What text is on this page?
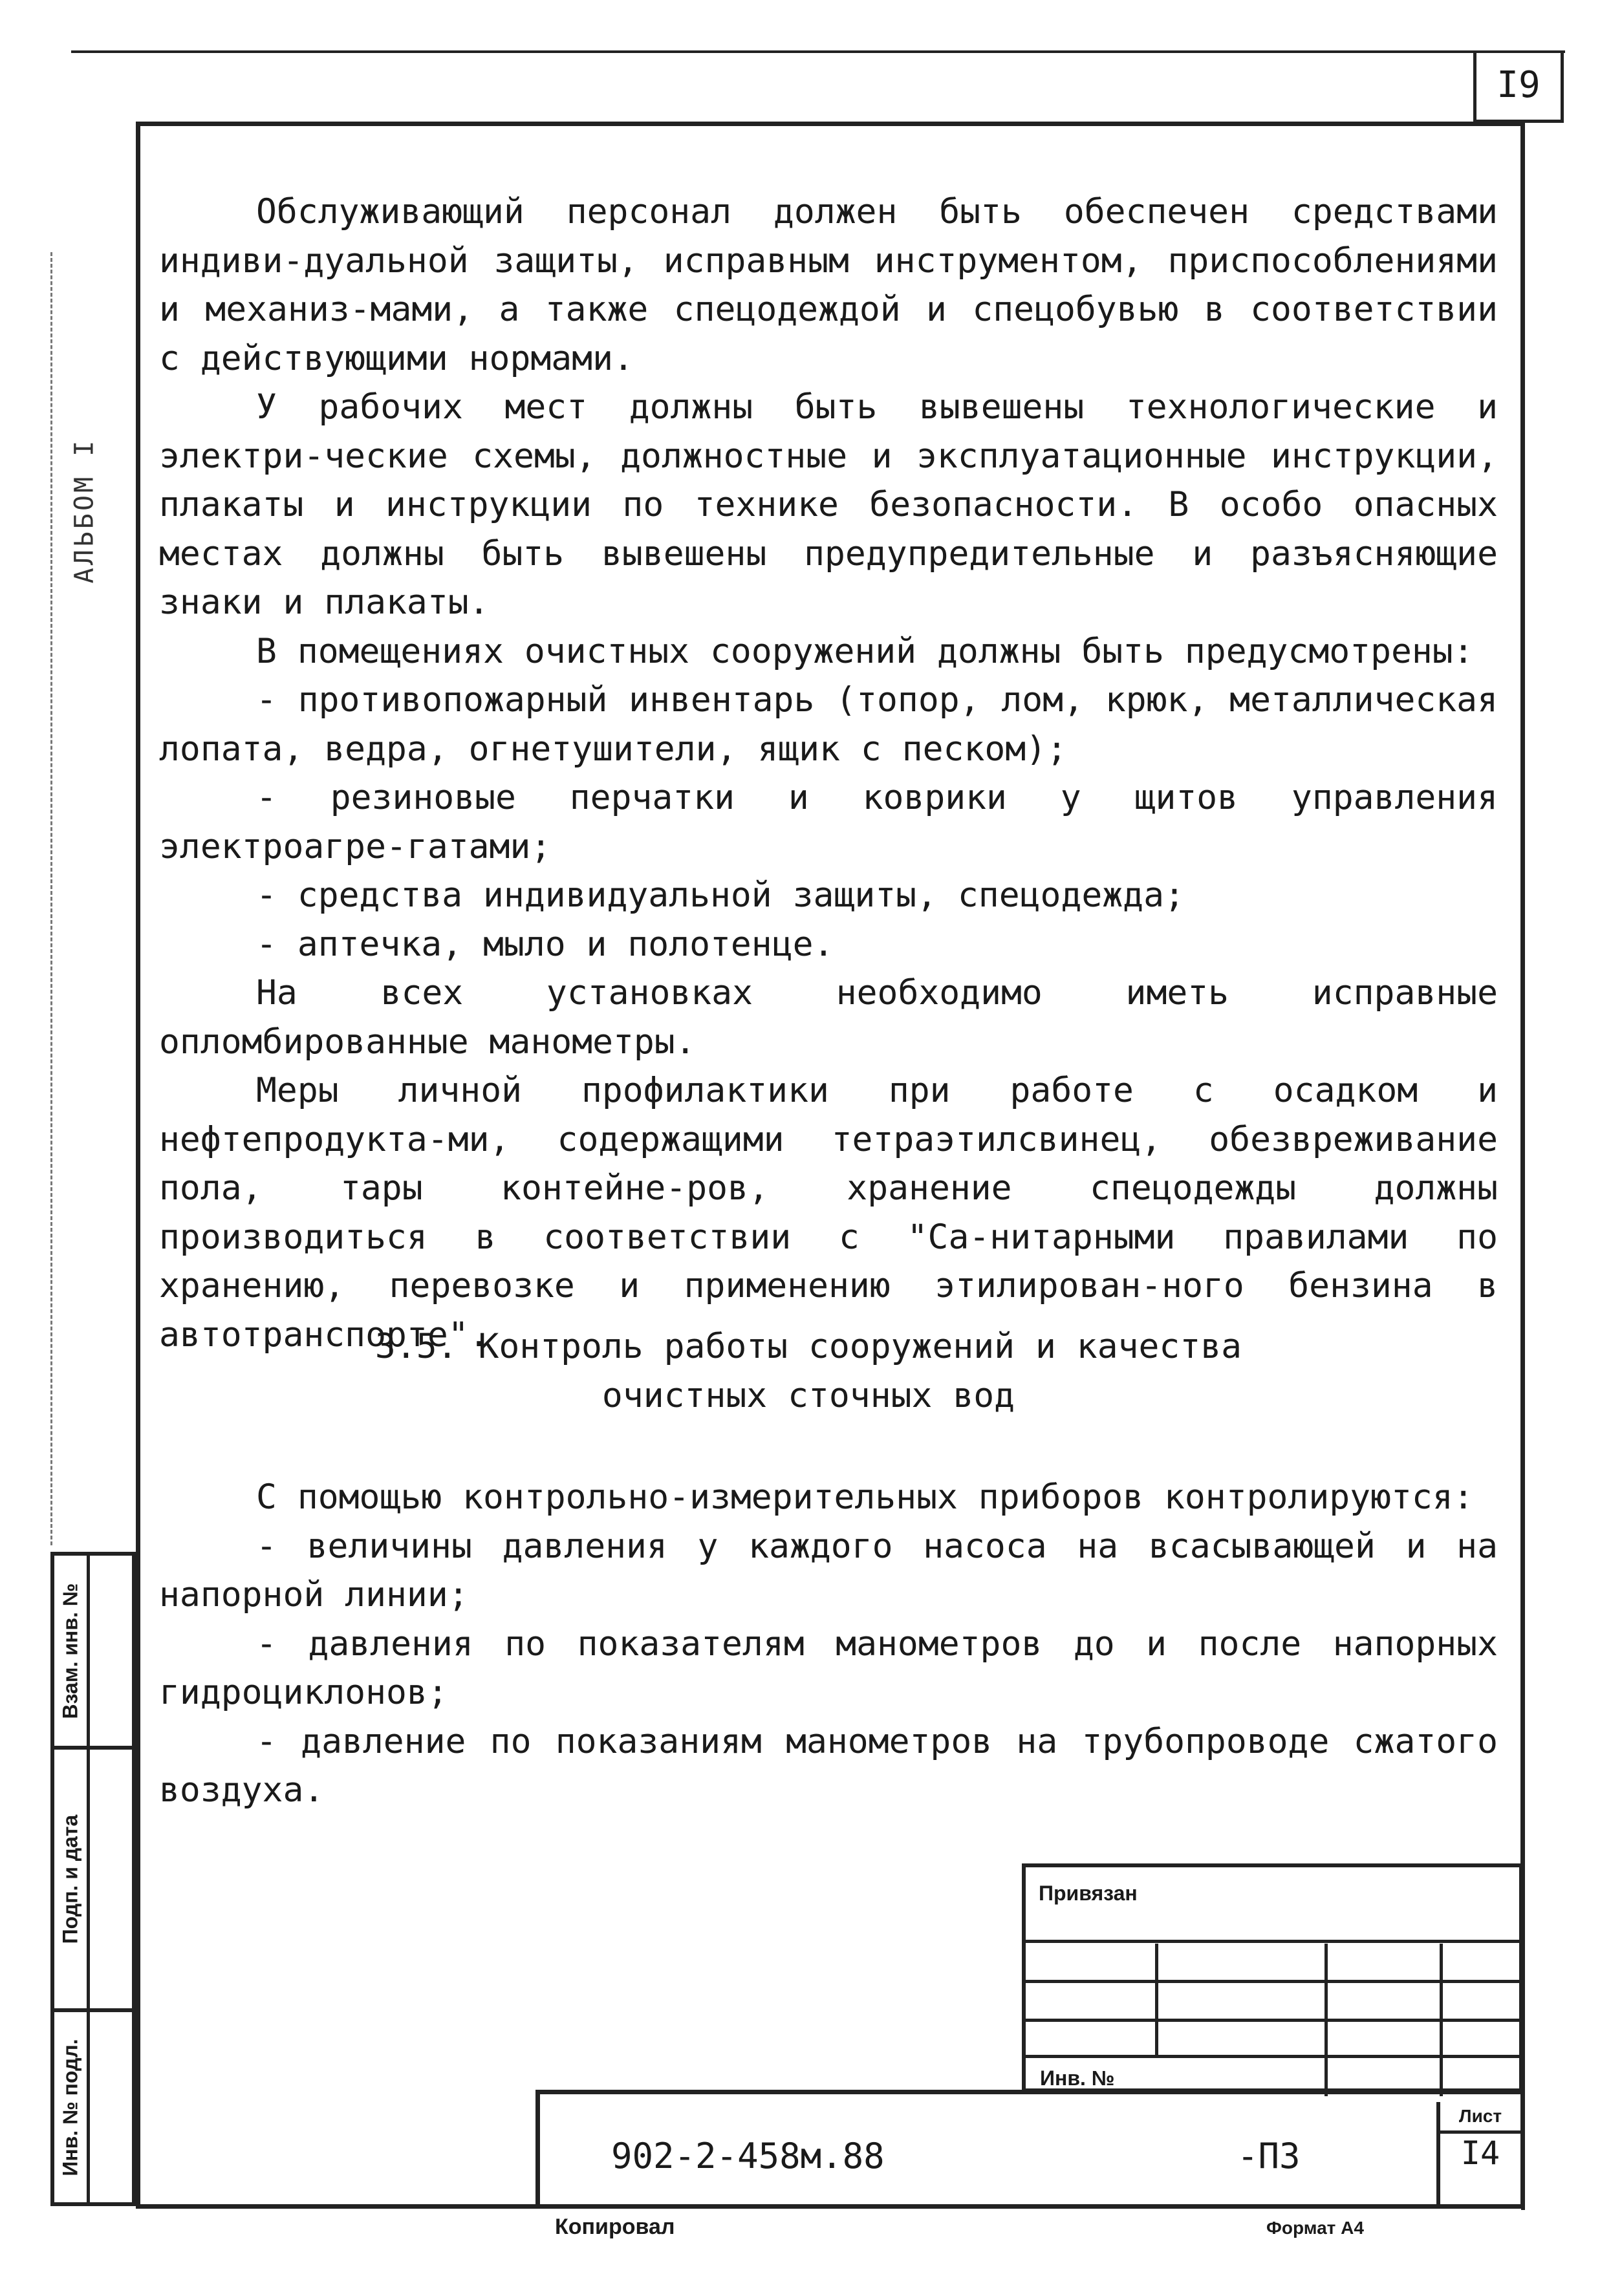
I9
АЛЬБОМ I
Взам. инв. №
Подп. и дата
Инв. № подл.

Обслуживающий персонал должен быть обеспечен средствами индиви-дуальной защиты, исправным инструментом, приспособлениями и механиз-мами, а также спецодеждой и спецобувью в соответствии с действующими нормами.

У рабочих мест должны быть вывешены технологические и электри-ческие схемы, должностные и эксплуатационные инструкции, плакаты и инструкции по технике безопасности. В особо опасных местах должны быть вывешены предупредительные и разъясняющие знаки и плакаты.

В помещениях очистных сооружений должны быть предусмотрены:

- противопожарный инвентарь (топор, лом, крюк, металлическая лопата, ведра, огнетушители, ящик с песком);

- резиновые перчатки и коврики у щитов управления электроагре-гатами;

- средства индивидуальной защиты, спецодежда;

- аптечка, мыло и полотенце.

На всех установках необходимо иметь исправные опломбированные манометры.

Меры личной профилактики при работе с осадком и нефтепродукта-ми, содержащими тетраэтилсвинец, обезвреживание пола, тары контейне-ров, хранение спецодежды должны производиться в соответствии с "Са-нитарными правилами по хранению, перевозке и применению этилирован-ного бензина в автотранспорте".

3.5. Контроль работы сооружений и качества
очистных сточных вод

С помощью контрольно-измерительных приборов контролируются:

- величины давления у каждого насоса на всасывающей и на напорной линии;

- давления по показателям манометров до и после напорных гидроциклонов;

- давление по показаниям манометров на трубопроводе сжатого воздуха.

Привязан
Инв. №
902-2-458м.88	-ПЗ
Лист
I4
Копировал	Формат А4
